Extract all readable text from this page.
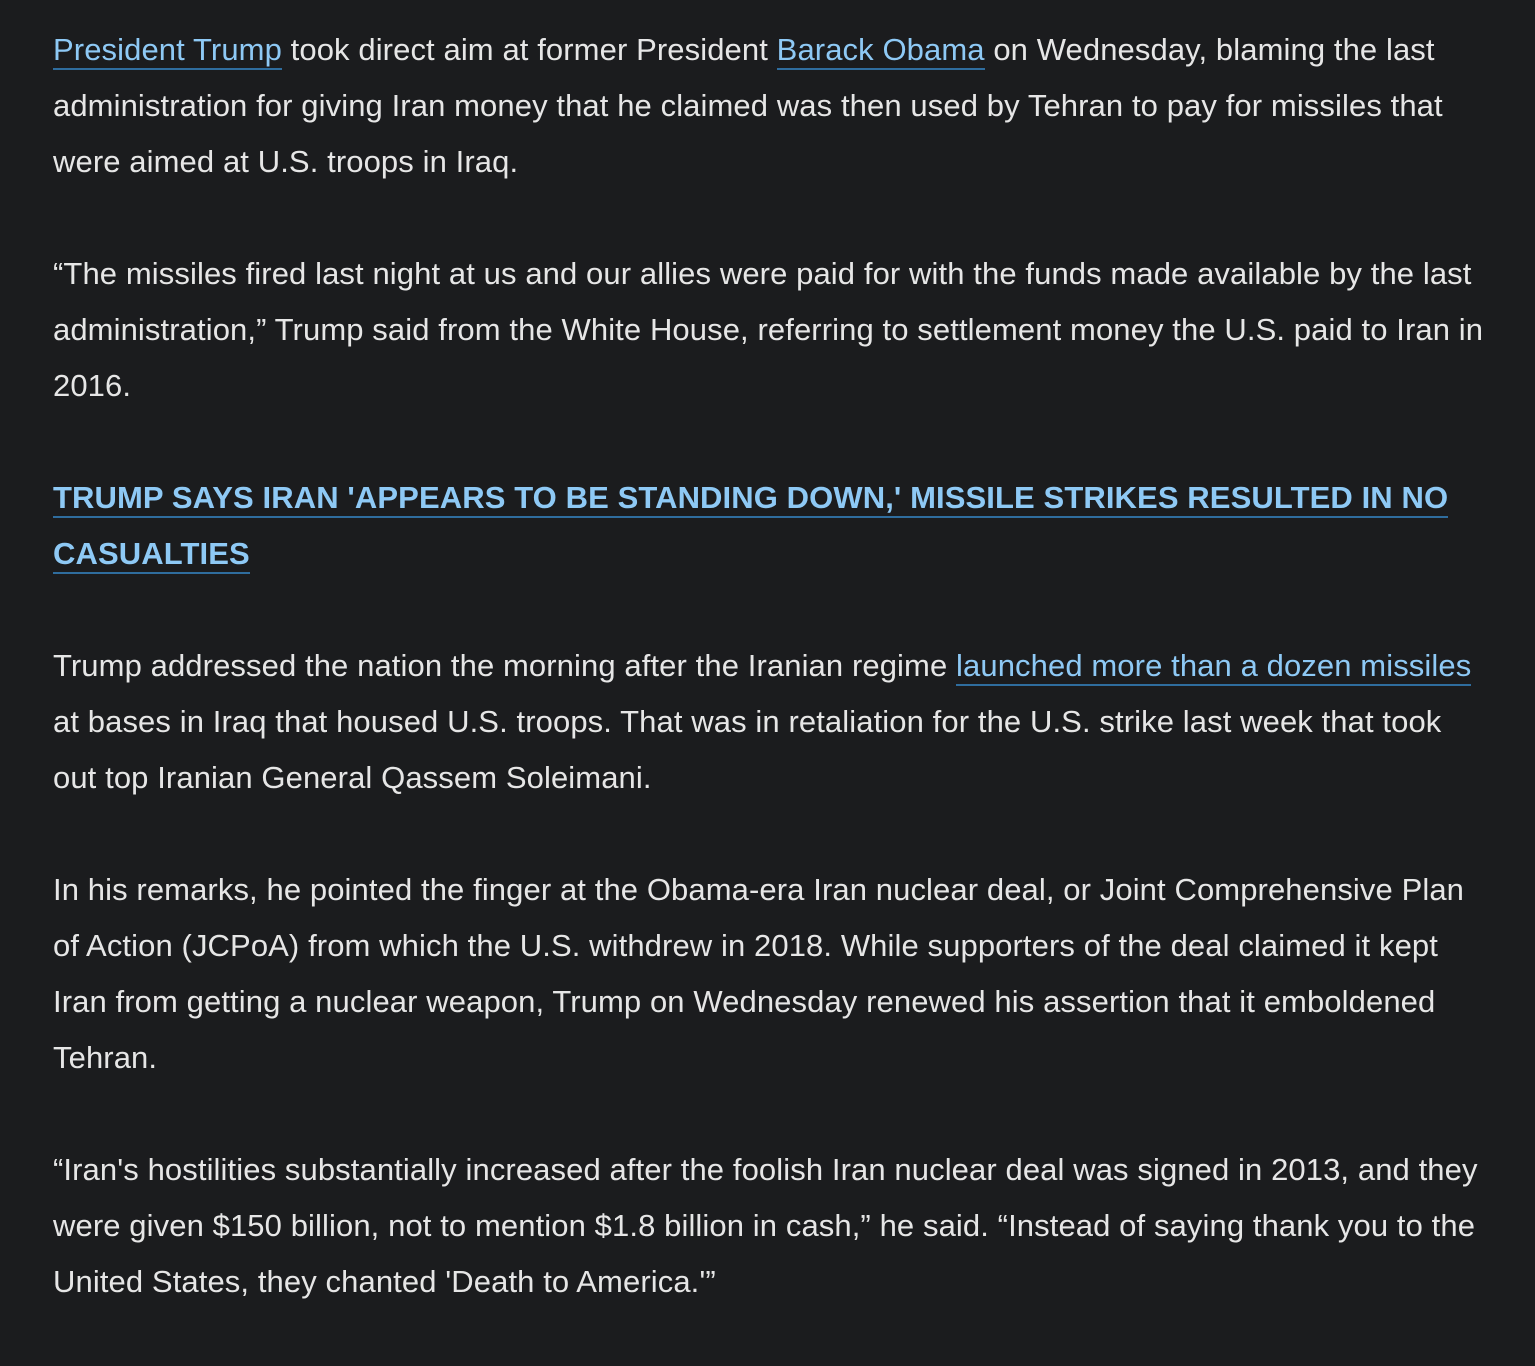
President Trump took direct aim at former President Barack Obama on Wednesday, blaming the last administration for giving Iran money that he claimed was then used by Tehran to pay for missiles that were aimed at U.S. troops in Iraq.

“The missiles fired last night at us and our allies were paid for with the funds made available by the last administration,” Trump said from the White House, referring to settlement money the U.S. paid to Iran in 2016.

TRUMP SAYS IRAN 'APPEARS TO BE STANDING DOWN,' MISSILE STRIKES RESULTED IN NO CASUALTIES

Trump addressed the nation the morning after the Iranian regime launched more than a dozen missiles at bases in Iraq that housed U.S. troops. That was in retaliation for the U.S. strike last week that took out top Iranian General Qassem Soleimani.

In his remarks, he pointed the finger at the Obama-era Iran nuclear deal, or Joint Comprehensive Plan of Action (JCPoA) from which the U.S. withdrew in 2018. While supporters of the deal claimed it kept Iran from getting a nuclear weapon, Trump on Wednesday renewed his assertion that it emboldened Tehran.

“Iran's hostilities substantially increased after the foolish Iran nuclear deal was signed in 2013, and they were given $150 billion, not to mention $1.8 billion in cash,” he said. “Instead of saying thank you to the United States, they chanted 'Death to America.'”
